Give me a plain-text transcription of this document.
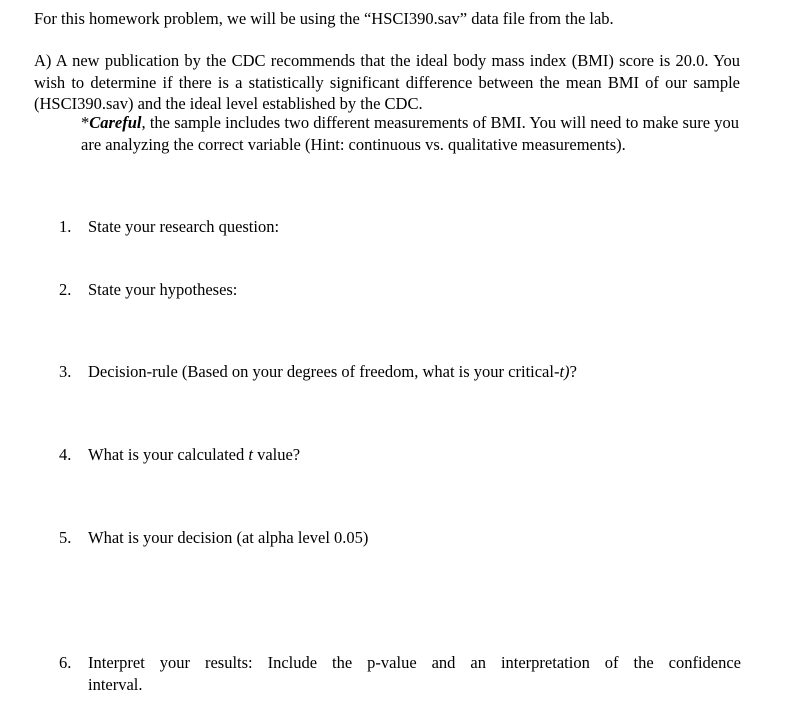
For this homework problem, we will be using the “HSCI390.sav” data file from the lab.

A) A new publication by the CDC recommends that the ideal body mass index (BMI) score is 20.0. You wish to determine if there is a statistically significant difference between the mean BMI of our sample (HSCI390.sav) and the ideal level established by the CDC.

*Careful, the sample includes two different measurements of BMI. You will need to make sure you are analyzing the correct variable (Hint: continuous vs. qualitative measurements).

1.	State your research question:
2.	State your hypotheses:
3.	Decision-rule (Based on your degrees of freedom, what is your critical-t)?
4.	What is your calculated t value?
5.	What is your decision (at alpha level 0.05)
6.	Interpret your results: Include the p-value and an interpretation of the confidence
interval.
